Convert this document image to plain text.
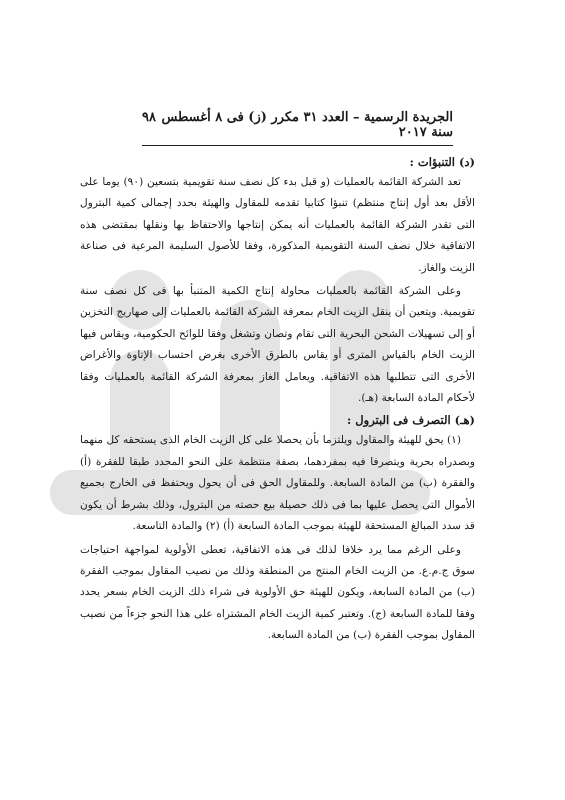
الجريدة الرسمية – العدد ٣١ مكرر (ز) فى ٨ أغسطس سنة ٢٠١٧
٩٨
(د) التنبؤات :

تعد الشركة القائمة بالعمليات (و قبل بدء كل نصف سنة تقويمية بتسعين (٩٠) يوما على الأقل بعد أول إنتاج منتظم) تنبؤا كتابيا تقدمه للمقاول والهيئة بحدد إجمالى كمية البترول التى تقدر الشركة القائمة بالعمليات أنه يمكن إنتاجها والاحتفاظ بها ونقلها بمقتضى هذه الاتفاقية خلال نصف السنة التقويمية المذكورة، وفقا للأصول السليمة المرعية فى صناعة الزيت والغاز.

وعلى الشركة القائمة بالعمليات محاولة إنتاج الكمية المتنبأ بها فى كل نصف سنة تقويمية. ويتعين أن ينقل الزيت الخام بمعرفة الشركة القائمة بالعمليات إلى صهاريج التخزين أو إلى تسهيلات الشحن البحرية التى تقام وتصان وتشغل وفقا للوائح الحكومية، ويقاس فيها الزيت الخام بالقياس المترى أو يقاس بالطرق الأخرى بغرض احتساب الإتاوة والأغراض الأخرى التى تتطلبها هذه الاتفاقية. ويعامل الغاز بمعرفة الشركة القائمة بالعمليات وفقا لأحكام المادة السابعة (هـ).

(هـ) التصرف فى البترول :

(١) يحق للهيئة والمقاول ويلتزما بأن يحصلا على كل الزيت الخام الذى يستحقه كل منهما وبصدراه بحرية ويتصرفا فيه بمفردهما، بصفة منتظمة على النحو المحدد طبقا للفقرة (أ) والفقرة (ب) من المادة السابعة. وللمقاول الحق فى أن يحول ويحتفظ فى الخارج بجميع الأموال التى يحصل عليها بما فى ذلك حصيلة بيع حصته من البترول، وذلك بشرط أن يكون قد سدد المبالغ المستحقة للهيئة بموجب المادة السابعة (أ) (٢) والمادة التاسعة.

وعلى الرغم مما يرد خلافا لذلك فى هذه الاتفاقية، تعطى الأولوية لمواجهة احتياجات سوق ج.م.ع. من الزيت الخام المنتج من المنطقة وذلك من نصيب المقاول بموجب الفقرة (ب) من المادة السابعة، ويكون للهيئة حق الأولوية فى شراء ذلك الزيت الخام بسعر يحدد وفقا للمادة السابعة (ج). وتعتبر كمية الزيت الخام المشتراه على هذا النحو جزءاً من نصيب المقاول بموجب الفقرة (ب) من المادة السابعة.
